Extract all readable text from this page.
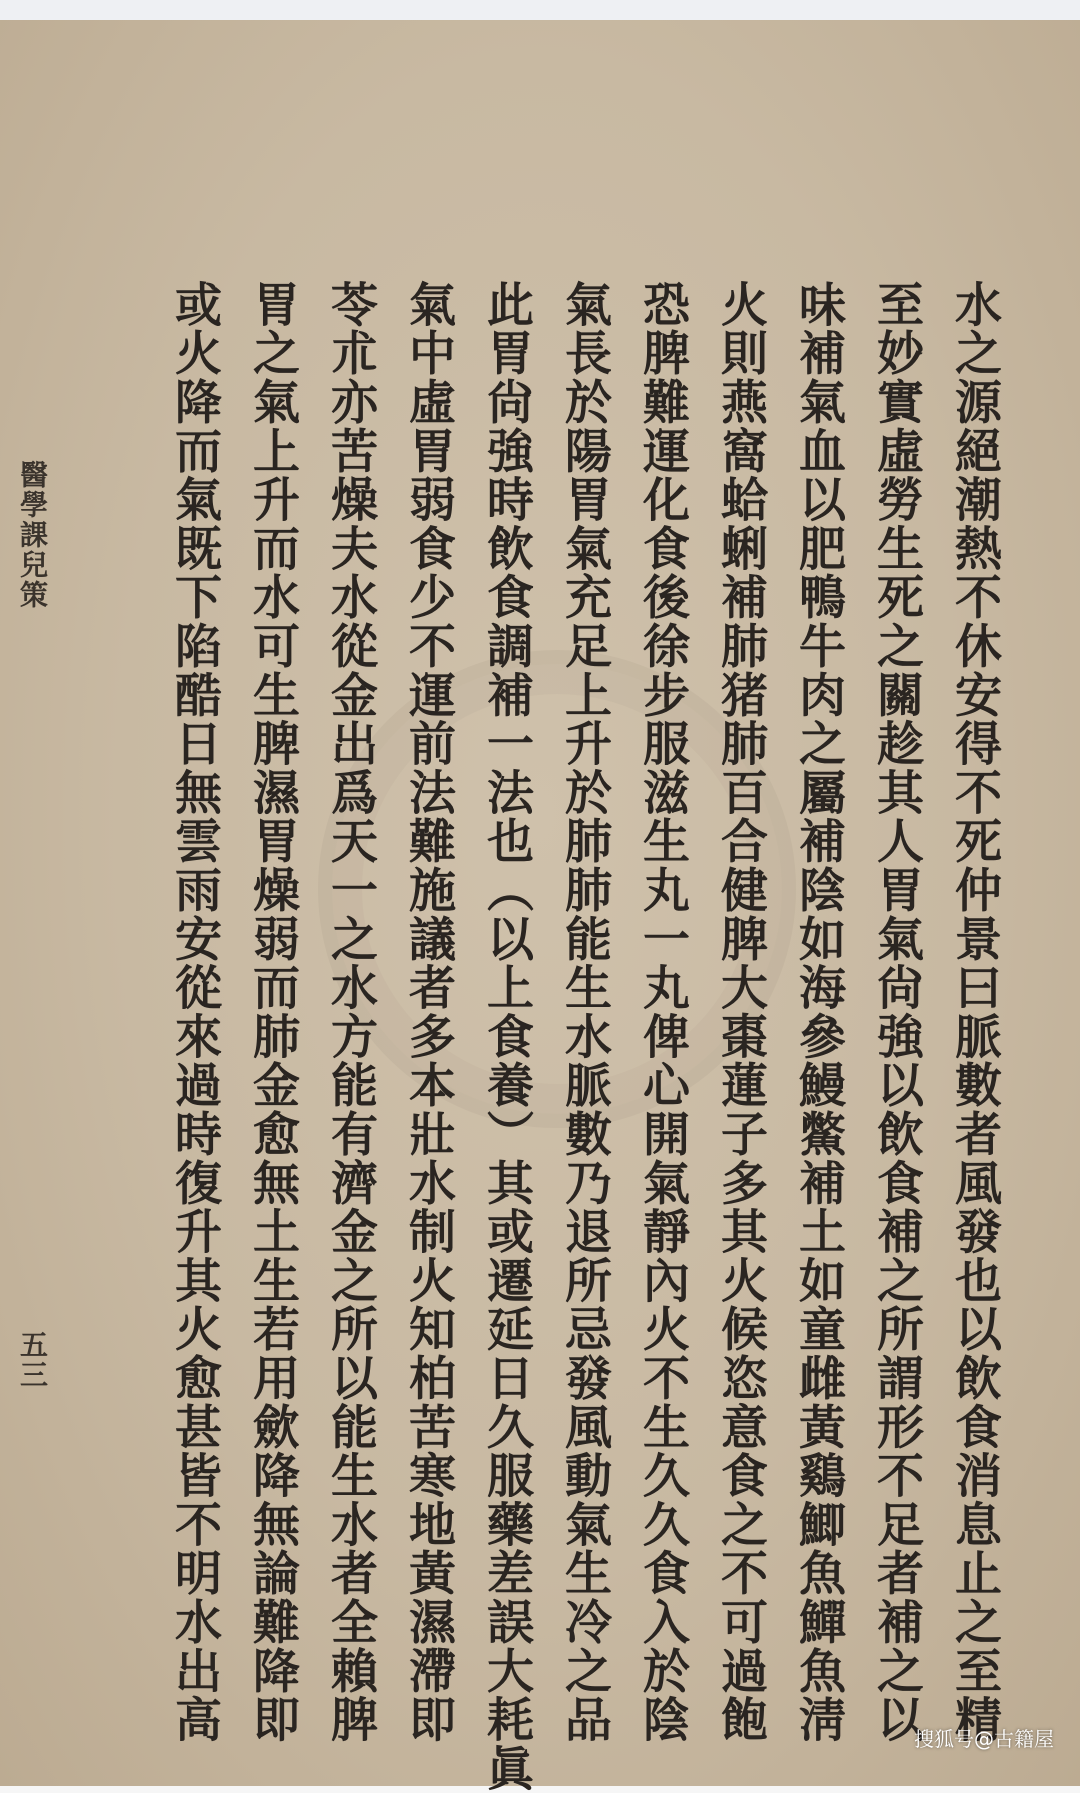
水之源絕潮熱不休安得不死仲景曰脈數者風發也以飲食消息止之至精
至妙實虛勞生死之關趁其人胃氣尙強以飲食補之所謂形不足者補之以
味補氣血以肥鴨牛肉之屬補陰如海參鰻鱉補土如童雌黃鷄鯽魚鱓魚淸
火則燕窩蛤蜊補肺猪肺百合健脾大棗蓮子多其火候恣意食之不可過飽
恐脾難運化食後徐步服滋生丸一丸俾心開氣靜內火不生久久食入於陰
氣長於陽胃氣充足上升於肺肺能生水脈數乃退所忌發風動氣生冷之品
此胃尙強時飲食調補一法也（以上食養）其或遷延日久服藥差誤大耗眞
氣中虛胃弱食少不運前法難施議者多本壯水制火知柏苦寒地黃濕滯即
苓朮亦苦燥夫水從金出爲天一之水方能有濟金之所以能生水者全賴脾
胃之氣上升而水可生脾濕胃燥弱而肺金愈無土生若用歛降無論難降即
或火降而氣既下陷酷日無雲雨安從來過時復升其火愈甚皆不明水出高
醫學課兒策
五三
搜狐号@古籍屋
